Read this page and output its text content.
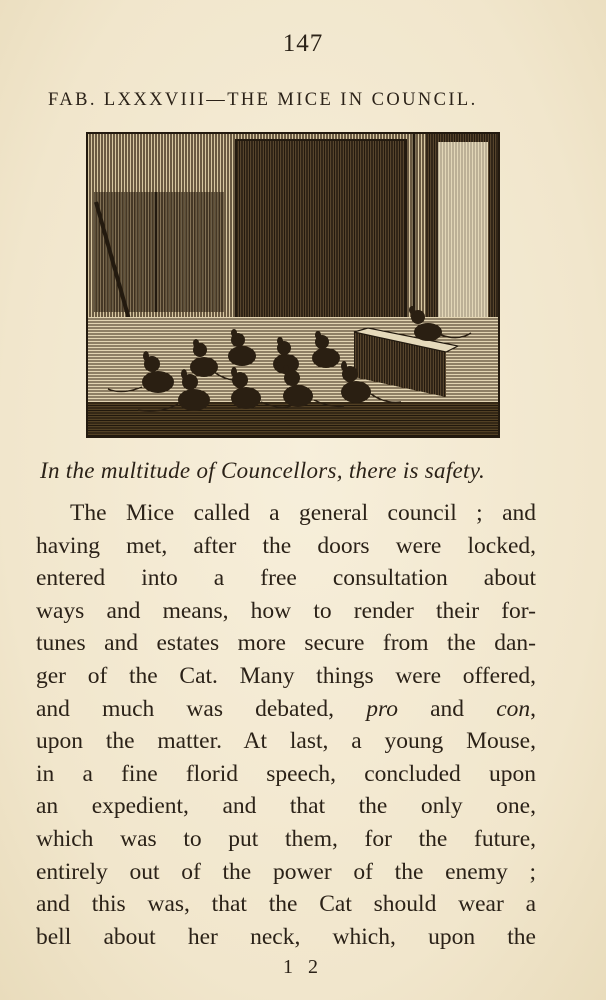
147
FAB. LXXXVIII—THE MICE IN COUNCIL.
In the multitude of Councellors, there is safety.
The Mice called a general council ; and
having met, after the doors were locked,
entered into a free consultation about
ways and means, how to render their for-
tunes and estates more secure from the dan-
ger of the Cat. Many things were offered,
and much was debated, pro and con,
upon the matter. At last, a young Mouse,
in a fine florid speech, concluded upon
an expedient, and that the only one,
which was to put them, for the future,
entirely out of the power of the enemy ;
and this was, that the Cat should wear a
bell about her neck, which, upon the
1 2
